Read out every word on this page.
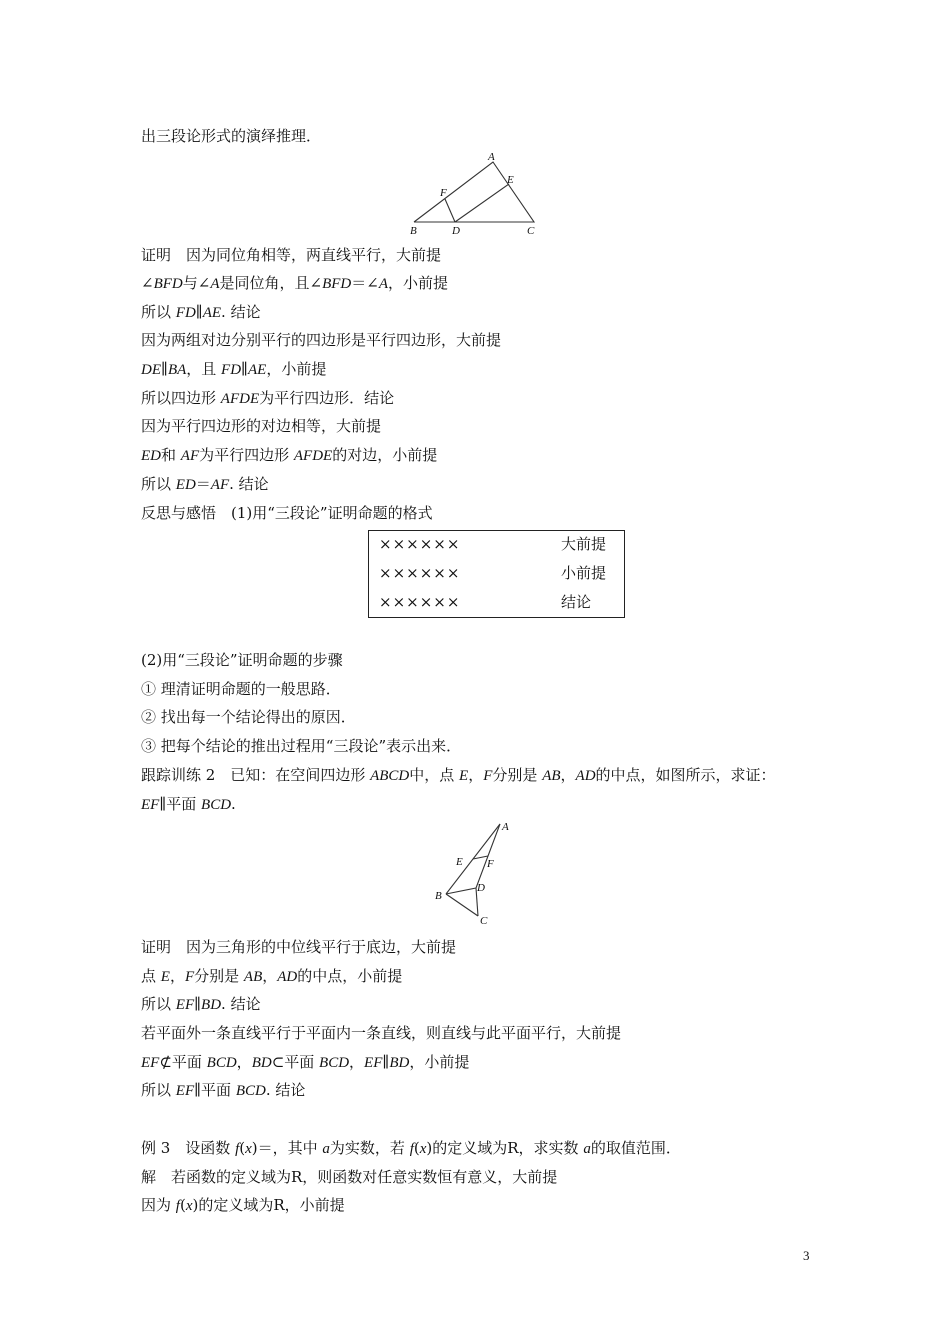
出三段论形式的演绎推理．
A
E
F
B	D	C
证明　因为同位角相等，两直线平行，大前提
∠BFD与∠A是同位角，且∠BFD＝∠A，小前提
所以 FD∥AE. 结论
因为两组对边分别平行的四边形是平行四边形，大前提
DE∥BA，且 FD∥AE，小前提
所以四边形 AFDE为平行四边形．结论
因为平行四边形的对边相等，大前提
ED和 AF为平行四边形 AFDE的对边，小前提
所以 ED＝AF. 结论
反思与感悟　(1)用“三段论”证明命题的格式
××××××	大前提
××××××	小前提
××××××	结论
(2)用“三段论”证明命题的步骤
① 理清证明命题的一般思路．
② 找出每一个结论得出的原因．
③ 把每个结论的推出过程用“三段论”表示出来．
跟踪训练 2　已知：在空间四边形 ABCD中，点 E，F分别是 AB，AD的中点，如图所示，求证：
EF∥平面 BCD.
A
E F
D
B
C
证明　因为三角形的中位线平行于底边，大前提
点 E，F分别是 AB，AD的中点，小前提
所以 EF∥BD. 结论
若平面外一条直线平行于平面内一条直线，则直线与此平面平行，大前提
EF⊄平面 BCD，BD⊂平面 BCD，EF∥BD，小前提
所以 EF∥平面 BCD. 结论
例 3　设函数 f(x)＝，其中 a为实数，若 f(x)的定义域为R，求实数 a的取值范围．
解　若函数的定义域为R，则函数对任意实数恒有意义，大前提
因为 f(x)的定义域为R，小前提
3
